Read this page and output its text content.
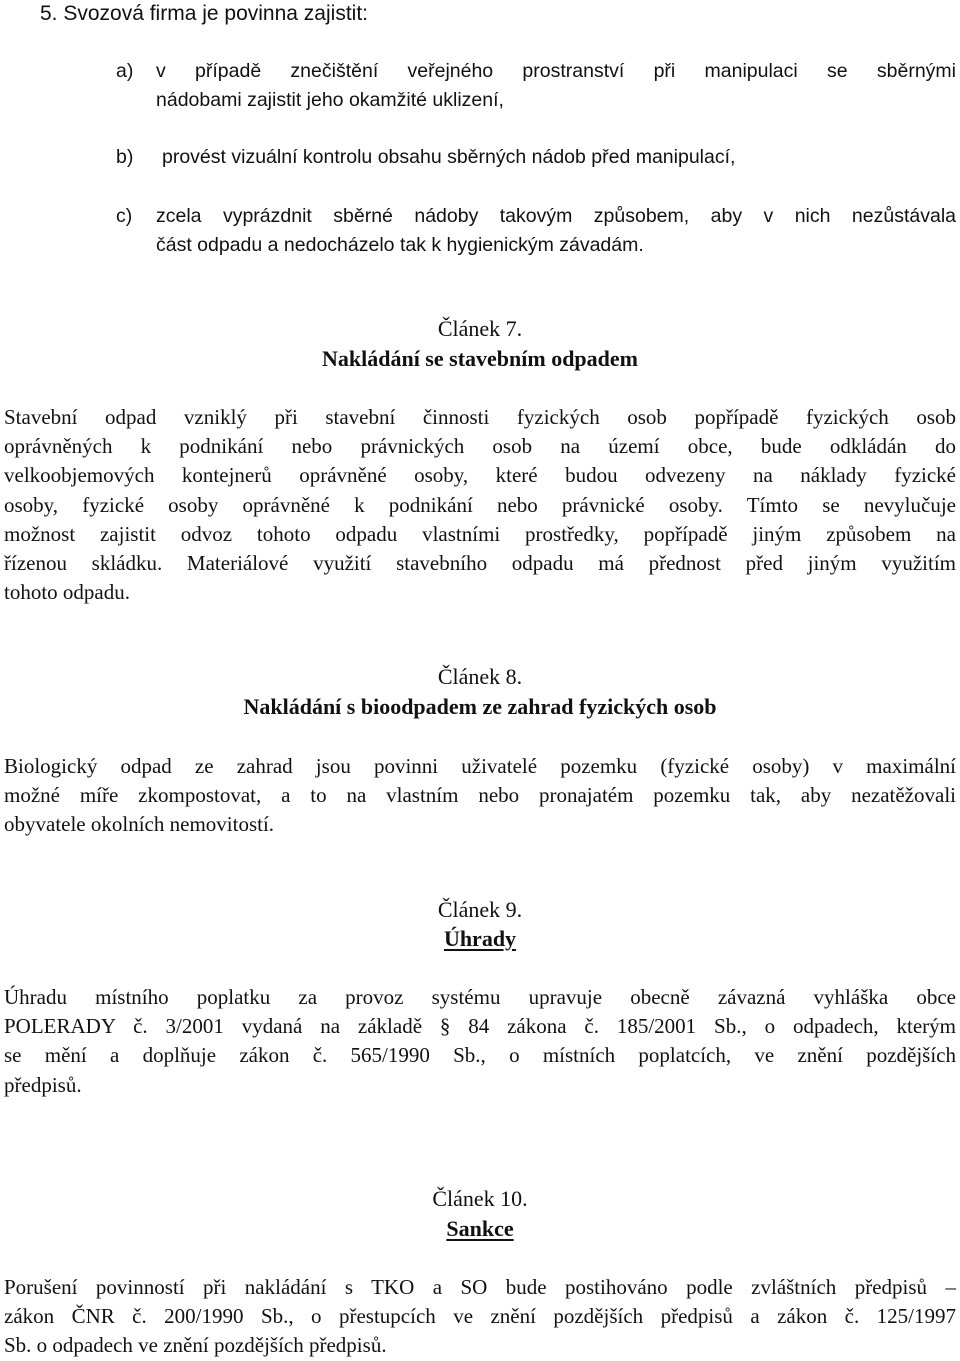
5. Svozová firma je povinna zajistit:
a) v případě znečištění veřejného prostranství při manipulaci se sběrnými
nádobami zajistit jeho okamžité uklizení,
b) provést vizuální kontrolu obsahu sběrných nádob před manipulací,
c) zcela vyprázdnit sběrné nádoby takovým způsobem, aby v nich nezůstávala
část odpadu a nedocházelo tak k hygienickým závadám.
Článek 7.
Nakládání se stavebním odpadem
Stavební odpad vzniklý při stavební činnosti fyzických osob popřípadě fyzických osob
oprávněných k podnikání nebo právnických osob na území obce, bude odkládán do
velkoobjemových kontejnerů oprávněné osoby, které budou odvezeny na náklady fyzické
osoby, fyzické osoby oprávněné k podnikání nebo právnické osoby. Tímto se nevylučuje
možnost zajistit odvoz tohoto odpadu vlastními prostředky, popřípadě jiným způsobem na
řízenou skládku. Materiálové využití stavebního odpadu má přednost před jiným využitím
tohoto odpadu.
Článek 8.
Nakládání s bioodpadem ze zahrad fyzických osob
Biologický odpad ze zahrad jsou povinni uživatelé pozemku (fyzické osoby) v maximální
možné míře zkompostovat, a to na vlastním nebo pronajatém pozemku tak, aby nezatěžovali
obyvatele okolních nemovitostí.
Článek 9.
Úhrady
Úhradu místního poplatku za provoz systému upravuje obecně závazná vyhláška obce
POLERADY č. 3/2001 vydaná na základě § 84 zákona č. 185/2001 Sb., o odpadech, kterým
se mění a doplňuje zákon č. 565/1990 Sb., o místních poplatcích, ve znění pozdějších
předpisů.
Článek 10.
Sankce
Porušení povinností při nakládání s TKO a SO bude postihováno podle zvláštních předpisů –
zákon ČNR č. 200/1990 Sb., o přestupcích ve znění pozdějších předpisů a zákon č. 125/1997
Sb. o odpadech ve znění pozdějších předpisů.
